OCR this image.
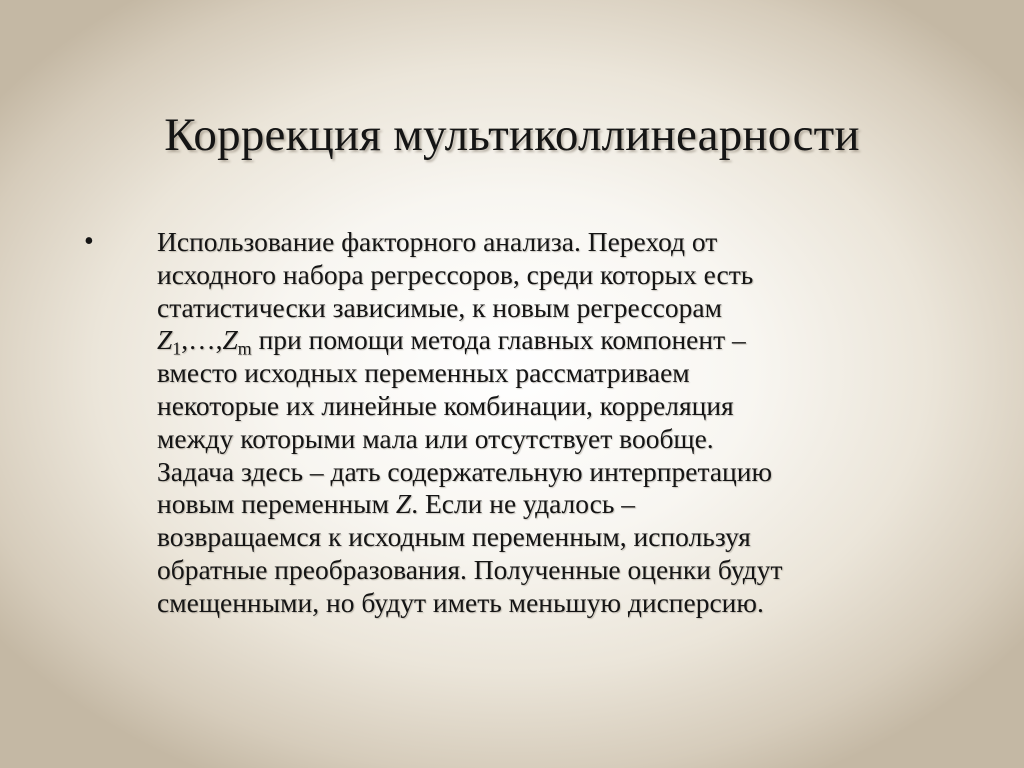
Коррекция мультиколлинеарности
• Использование факторного анализа. Переход от
исходного набора регрессоров, среди которых есть
статистически зависимые, к новым регрессорам
$Z_1,\dots,Z_m$ при помощи метода главных компонент –
вместо исходных переменных рассматриваем
некоторые их линейные комбинации, корреляция
между которыми мала или отсутствует вообще.
Задача здесь – дать содержательную интерпретацию
новым переменным Z. Если не удалось –
возвращаемся к исходным переменным, используя
обратные преобразования. Полученные оценки будут
смещенными, но будут иметь меньшую дисперсию.
